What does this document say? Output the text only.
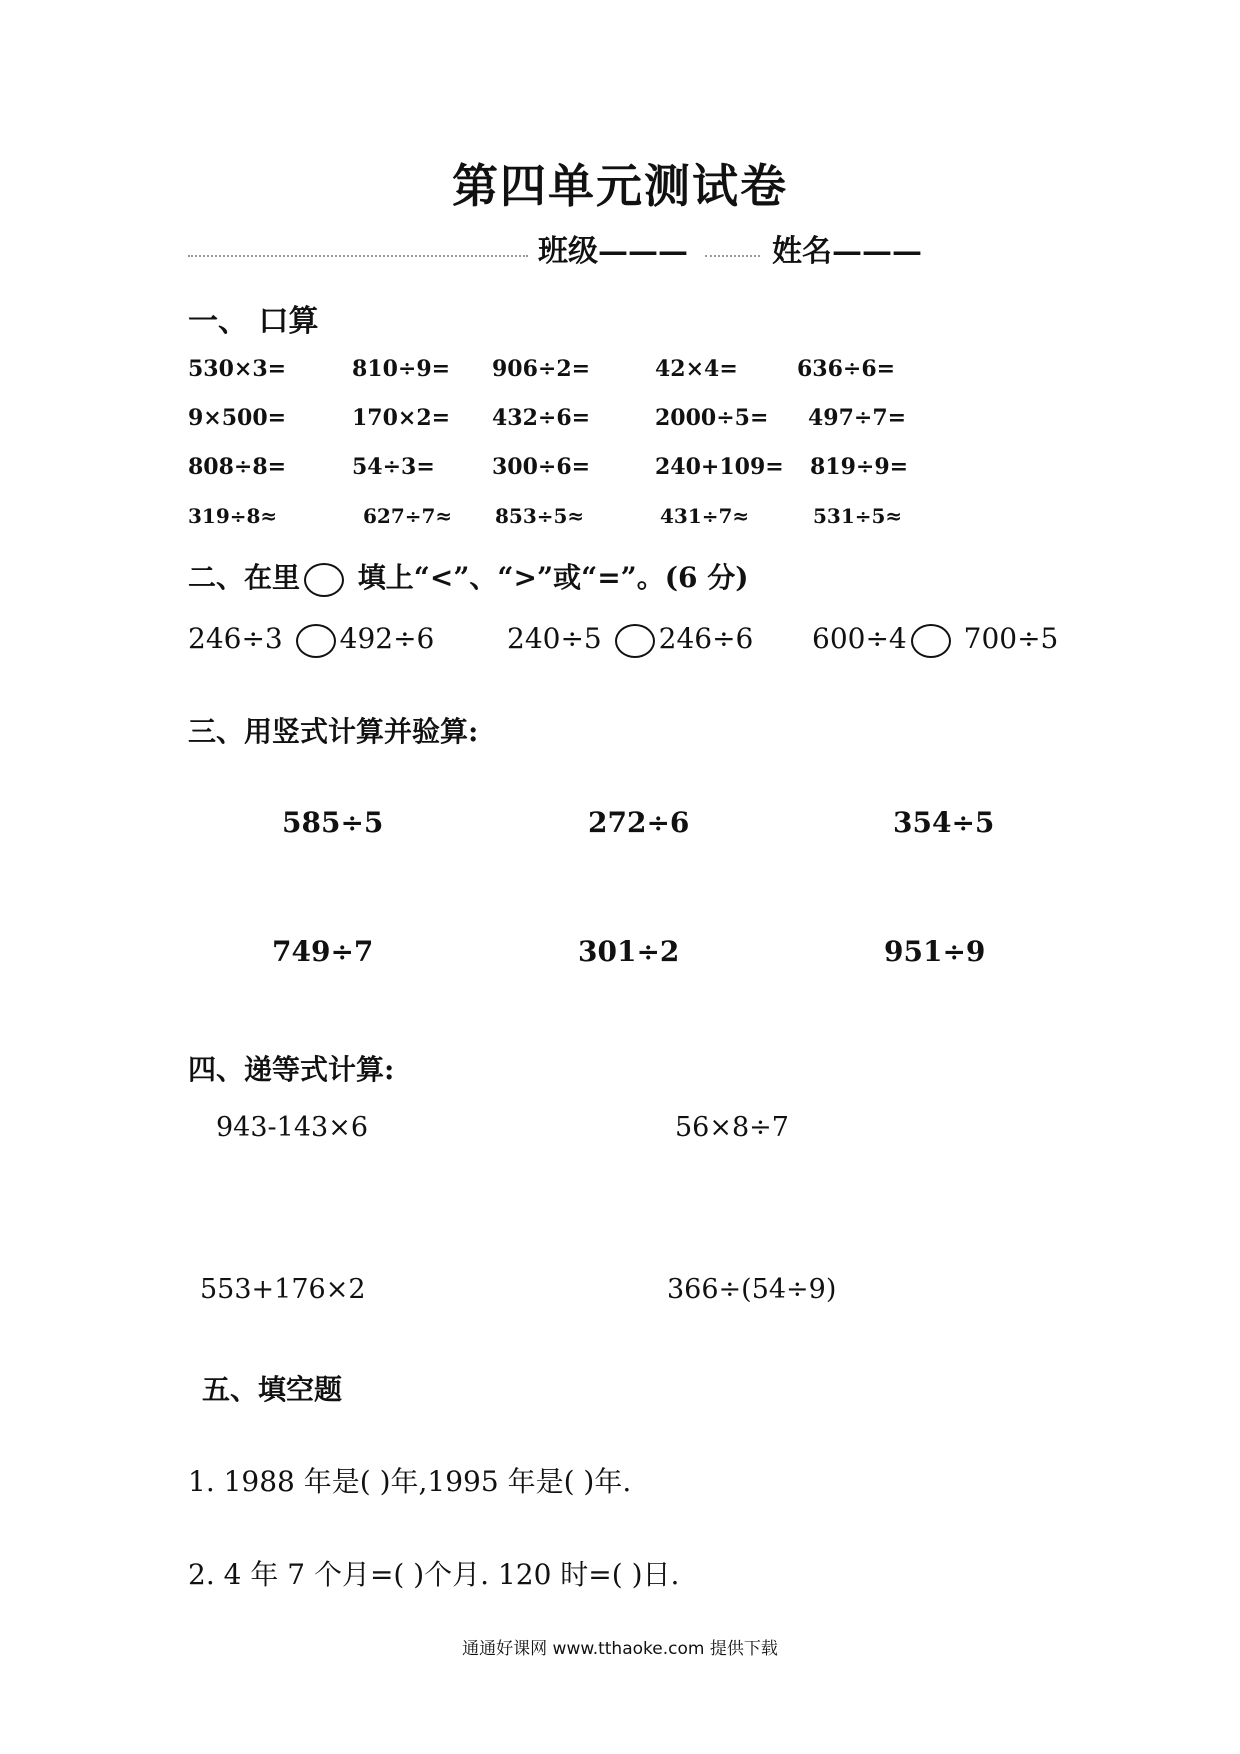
第四单元测试卷
班级———	姓名———
一、 口算
530×3=	810÷9= 906÷2=	42×4=	636÷6=
9×500=	170×2= 432÷6=	2000÷5= 497÷7=
808÷8=	54÷3=	300÷6=	240+109= 819÷9=
319÷8≈	627÷7≈ 853÷5≈	431÷7≈	531÷5≈
二、在里 填上“<”、“>”或“=”。(6 分)
246÷3 492÷6	240÷5 246÷6 600÷4 700÷5
三、用竖式计算并验算:
585÷5	272÷6	354÷5
749÷7	301÷2	951÷9
四、递等式计算:
943-143×6	56×8÷7
553+176×2	366÷(54÷9)
五、填空题
1. 1988 年是( )年,1995 年是( )年.
2. 4 年 7 个月=( )个月. 120 时=( )日.
通通好课网 www.tthaoke.com 提供下载
